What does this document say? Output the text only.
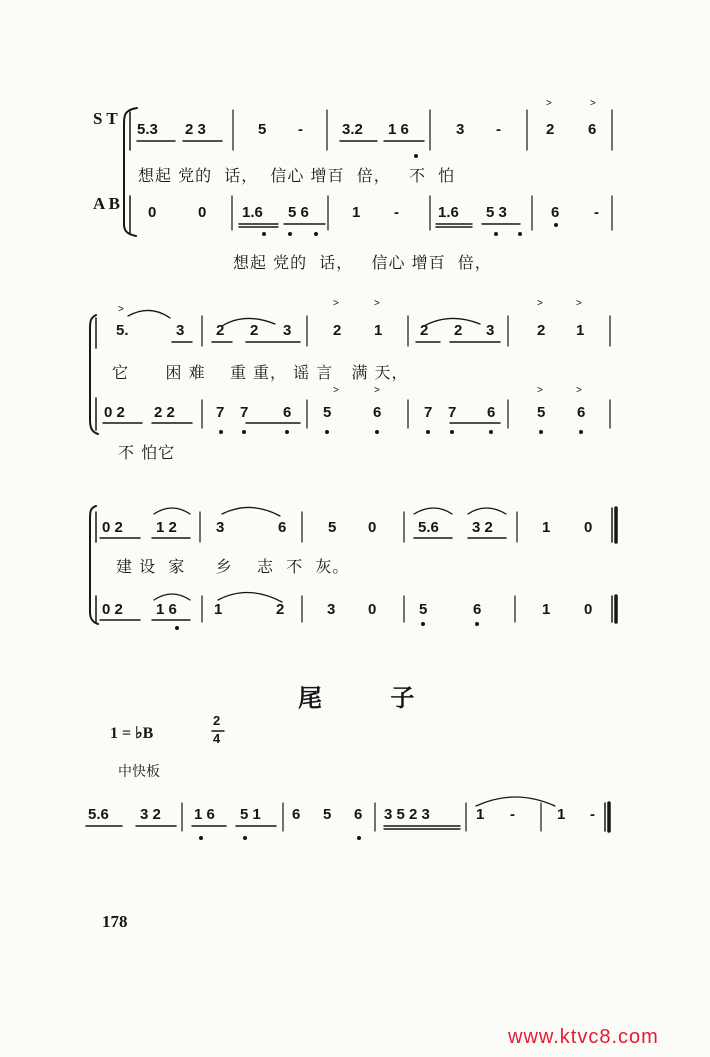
>	>
>
>	>	>	>
>	>	>	>
S T
A B
5.3 2 3	5 -	3.2 1 6	3 -	2 6
想起 党的  话，  信心 增百  倍，   不  怕
0	0 1.6 5 6	1 -	1.6 5 3	6 -
想起 党的  话，   信心 增百  倍，
5.	3 2 2 3	2 1	2 2 3	2 1
它      困 难    重 重， 谣 言   满 天，
0 2 2 2	7 7 6 5	6	7 7 6	5 6
不 怕它
0 2 1 2	3	6	5 0	5.6 3 2	1 0
建 设  家     乡    志  不  灰。
0 2 1 6 1	2	3 0	5	6	1 0
尾 子
1 = ♭B
2
4
中快板
5.6 3 2 1 6 5 1 6 5 6 3 5 2 3	1 -	1 -
178
www.ktvc8.com
